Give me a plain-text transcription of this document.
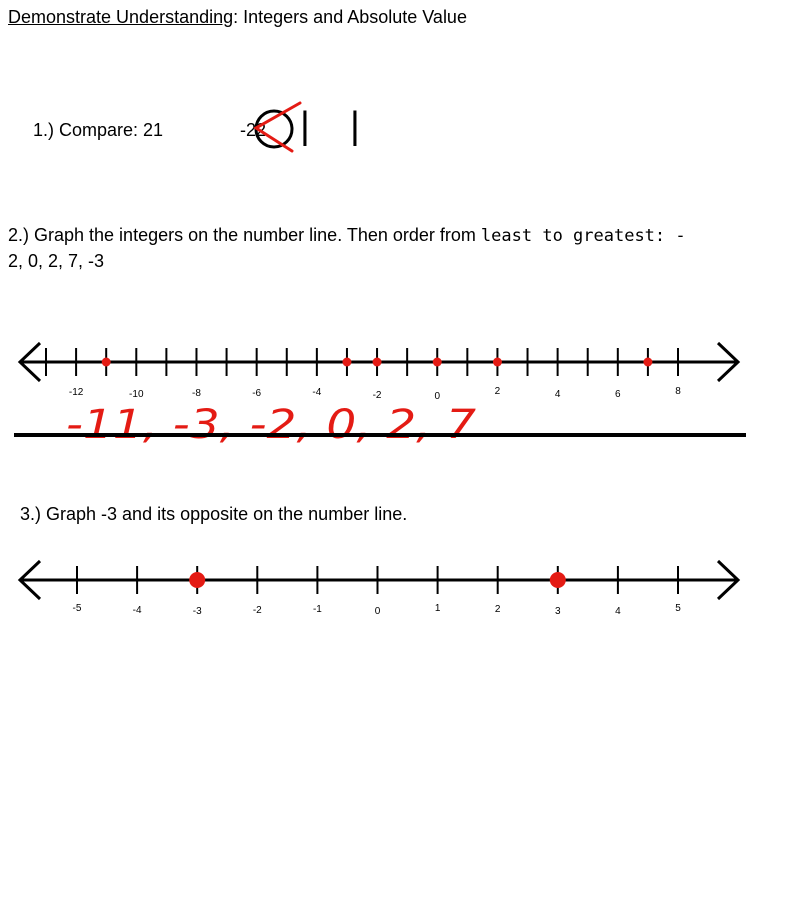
Demonstrate Understanding: Integers and Absolute Value
1.) Compare: 21	-22 | |
2.) Graph the integers on the number line. Then order from least to greatest: -
2, 0, 2, 7, -3
-12	-10	-8	-6	-4	-2	0	2	4	6	8
-11, -3, -2, 0, 2, 7
3.) Graph -3 and its opposite on the number line.
-5	-4	-3	-2	-1	0	1	2	3	4	5
